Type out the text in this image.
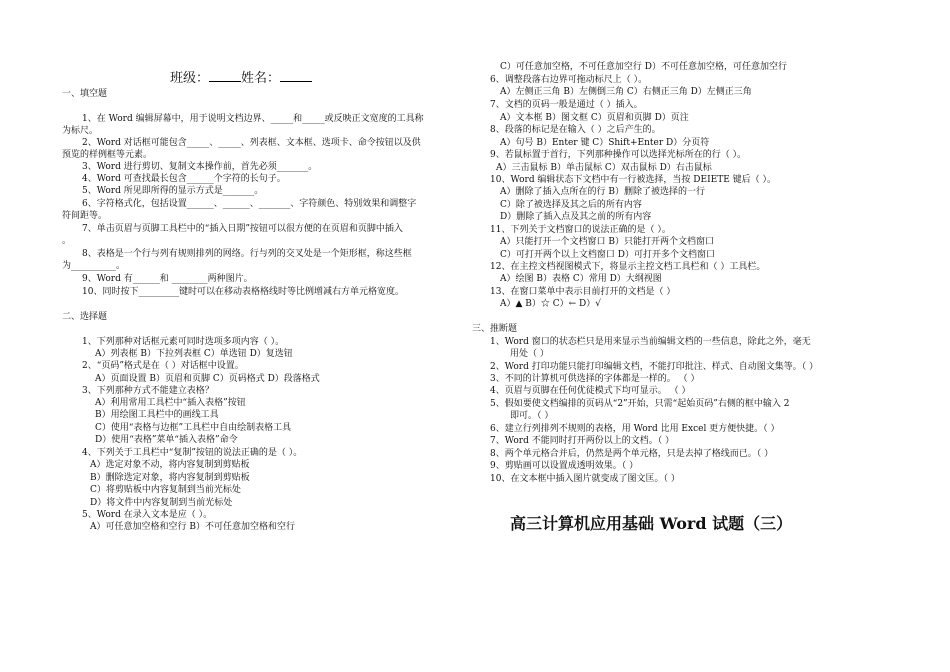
一、填空题
1、在 Word 编辑屏幕中，用于说明文档边界、_____和_____或反映正文宽度的工具称
为标尺。
2、Word 对话框可能包含_____、_____、列表框、文本框、选项卡、命令按钮以及供
预览的样例框等元素。
3、Word 进行剪切、复制文本操作前，首先必须_______。
4、Word 可查找最长包含______个字符的长句子。
5、Word 所见即所得的显示方式是_______。
6、字符格式化，包括设置______、______、_______、字符颜色、特别效果和调整字
符间距等。
7、单击页眉与页脚工具栏中的“插入日期”按钮可以很方便的在页眉和页脚中插入
。
8、表格是一个行与列有规则排列的网络。行与列的交叉处是一个矩形框，称这些框
为__________。
9、Word 有______和 ________两种图片。
10、同时按下_________键时可以在移动表格格线时等比例增减右方单元格宽度。
二、选择题
1、下列那种对话框元素可同时选项多项内容（ ）。
A）列表框 B）下拉列表框 C）单选钮 D）复选钮
2、“页码”格式是在（ ）对话框中设置。
A）页面设置 B）页眉和页脚 C）页码格式 D）段落格式
3、下列那种方式不能建立表格？
A）利用常用工具栏中“插入表格”按钮
B）用绘图工具栏中的画线工具
C）使用“表格与边框”工具栏中自由绘制表格工具
D）使用“表格”菜单“插入表格”命令
4、下列关于工具栏中“复制”按钮的说法正确的是（ ）。
A）选定对象不动，将内容复制到剪贴板
B）删除选定对象，将内容复制到剪贴板
C）将剪贴板中内容复制到当前光标处
D）将文件中内容复制到当前光标处
5、Word 在录入文本是应（ ）。
A）可任意加空格和空行 B）不可任意加空格和空行
C）可任意加空格，不可任意加空行 D）不可任意加空格，可任意加空行
6、调整段落右边界可拖动标尺上（ ）。
A）左侧正三角 B）左侧倒三角 C）右侧正三角 D）左侧正三角
7、文档的页码一般是通过（ ）插入。
A）文本框 B）图文框 C）页眉和页脚 D）页注
8、段落的标记是在输入（ ）之后产生的。
A）句号 B）Enter 键 C）Shift+Enter D）分页符
9、若鼠标置于首行，下列那种操作可以选择光标所在的行（ ）。
A）三击鼠标 B）单击鼠标 C）双击鼠标 D）右击鼠标
10、Word 编辑状态下文档中有一行被选择，当按 DEIETE 键后（ ）。
A）删除了插入点所在的行 B）删除了被选择的一行
C）除了被选择及其之后的所有内容
D）删除了插入点及其之前的所有内容
11、下列关于文档窗口的说法正确的是（ ）。
A）只能打开一个文档窗口 B）只能打开两个文档窗口
C）可打开两个以上文档窗口 D）可打开多个文档窗口
12、在主控文档视图模式下，将显示主控文档工具栏和（ ）工具栏。
A）绘图 B）表格 C）常用 D）大纲视图
13、在窗口菜单中表示目前打开的文档是（ ）
A）▲ B）☆ C）← D）√
三、推断题
1、Word 窗口的状态栏只是用来显示当前编辑文档的一些信息，除此之外，毫无
用处（ ）
2、Word 打印功能只能打印编辑文档，不能打印批注、样式、自动图文集等。（ ）
3、不同的计算机可供选择的字体都是一样的。 （ ）
4、页眉与页脚在任何优徒模式下均可显示。 （ ）
5、假如要使文档编排的页码从“2”开始，只需“起始页码”右侧的框中输入 2
即可。（ ）
6、建立行列排列不规则的表格，用 Word 比用 Excel 更方便快捷。（ ）
7、Word 不能同时打开两份以上的文档。（ ）
8、两个单元格合并后，仍然是两个单元格，只是去掉了格线而已。（ ）
9、剪贴画可以设置成透明效果。（ ）
10、在文本框中插入图片就变成了图文匡。（ ）
班级： 姓名：
高三计算机应用基础 Word 试题（三）
